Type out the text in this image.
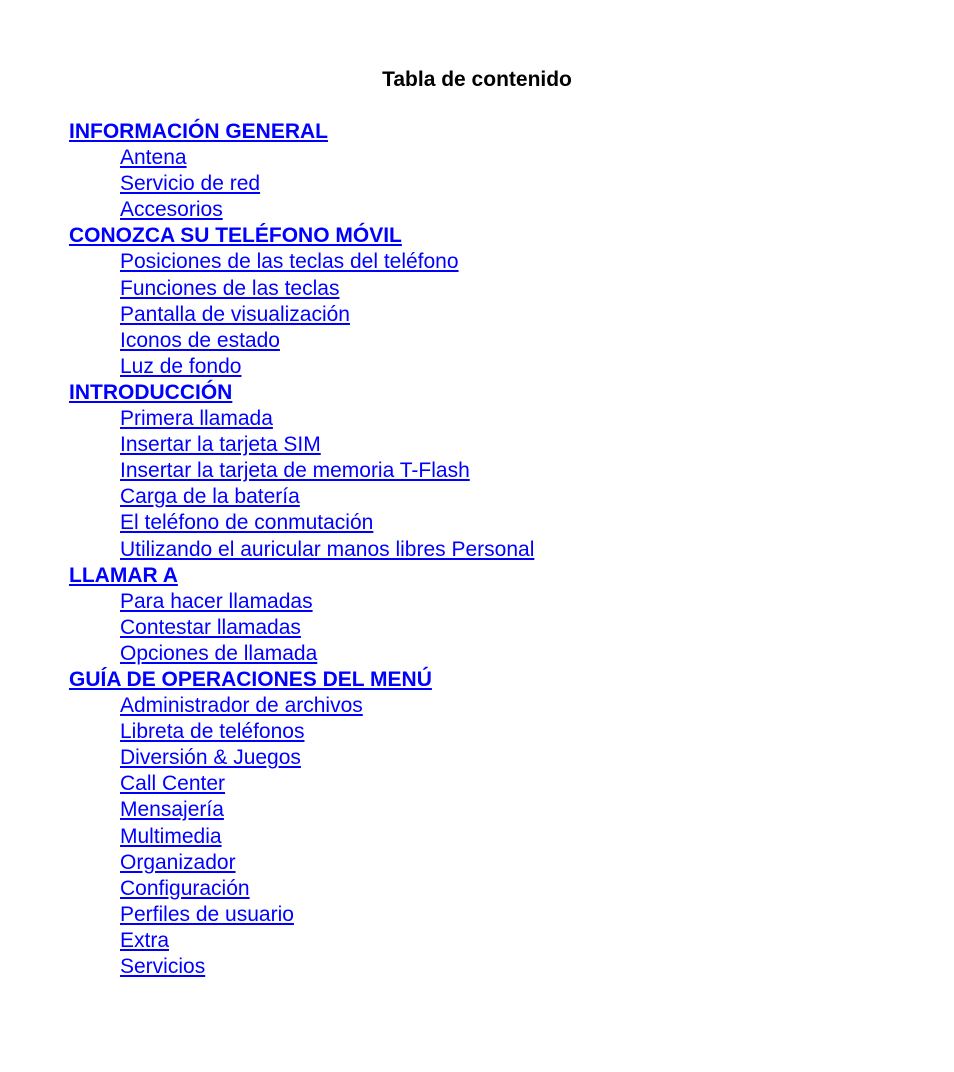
Tabla de contenido
INFORMACIÓN GENERAL
Antena
Servicio de red
Accesorios
CONOZCA SU TELÉFONO MÓVIL
Posiciones de las teclas del teléfono
Funciones de las teclas
Pantalla de visualización
Iconos de estado
Luz de fondo
INTRODUCCIÓN
Primera llamada
Insertar la tarjeta SIM
Insertar la tarjeta de memoria T-Flash
Carga de la batería
El teléfono de conmutación
Utilizando el auricular manos libres Personal
LLAMAR A
Para hacer llamadas
Contestar llamadas
Opciones de llamada
GUÍA DE OPERACIONES DEL MENÚ
Administrador de archivos
Libreta de teléfonos
Diversión & Juegos
Call Center
Mensajería
Multimedia
Organizador
Configuración
Perfiles de usuario
Extra
Servicios
